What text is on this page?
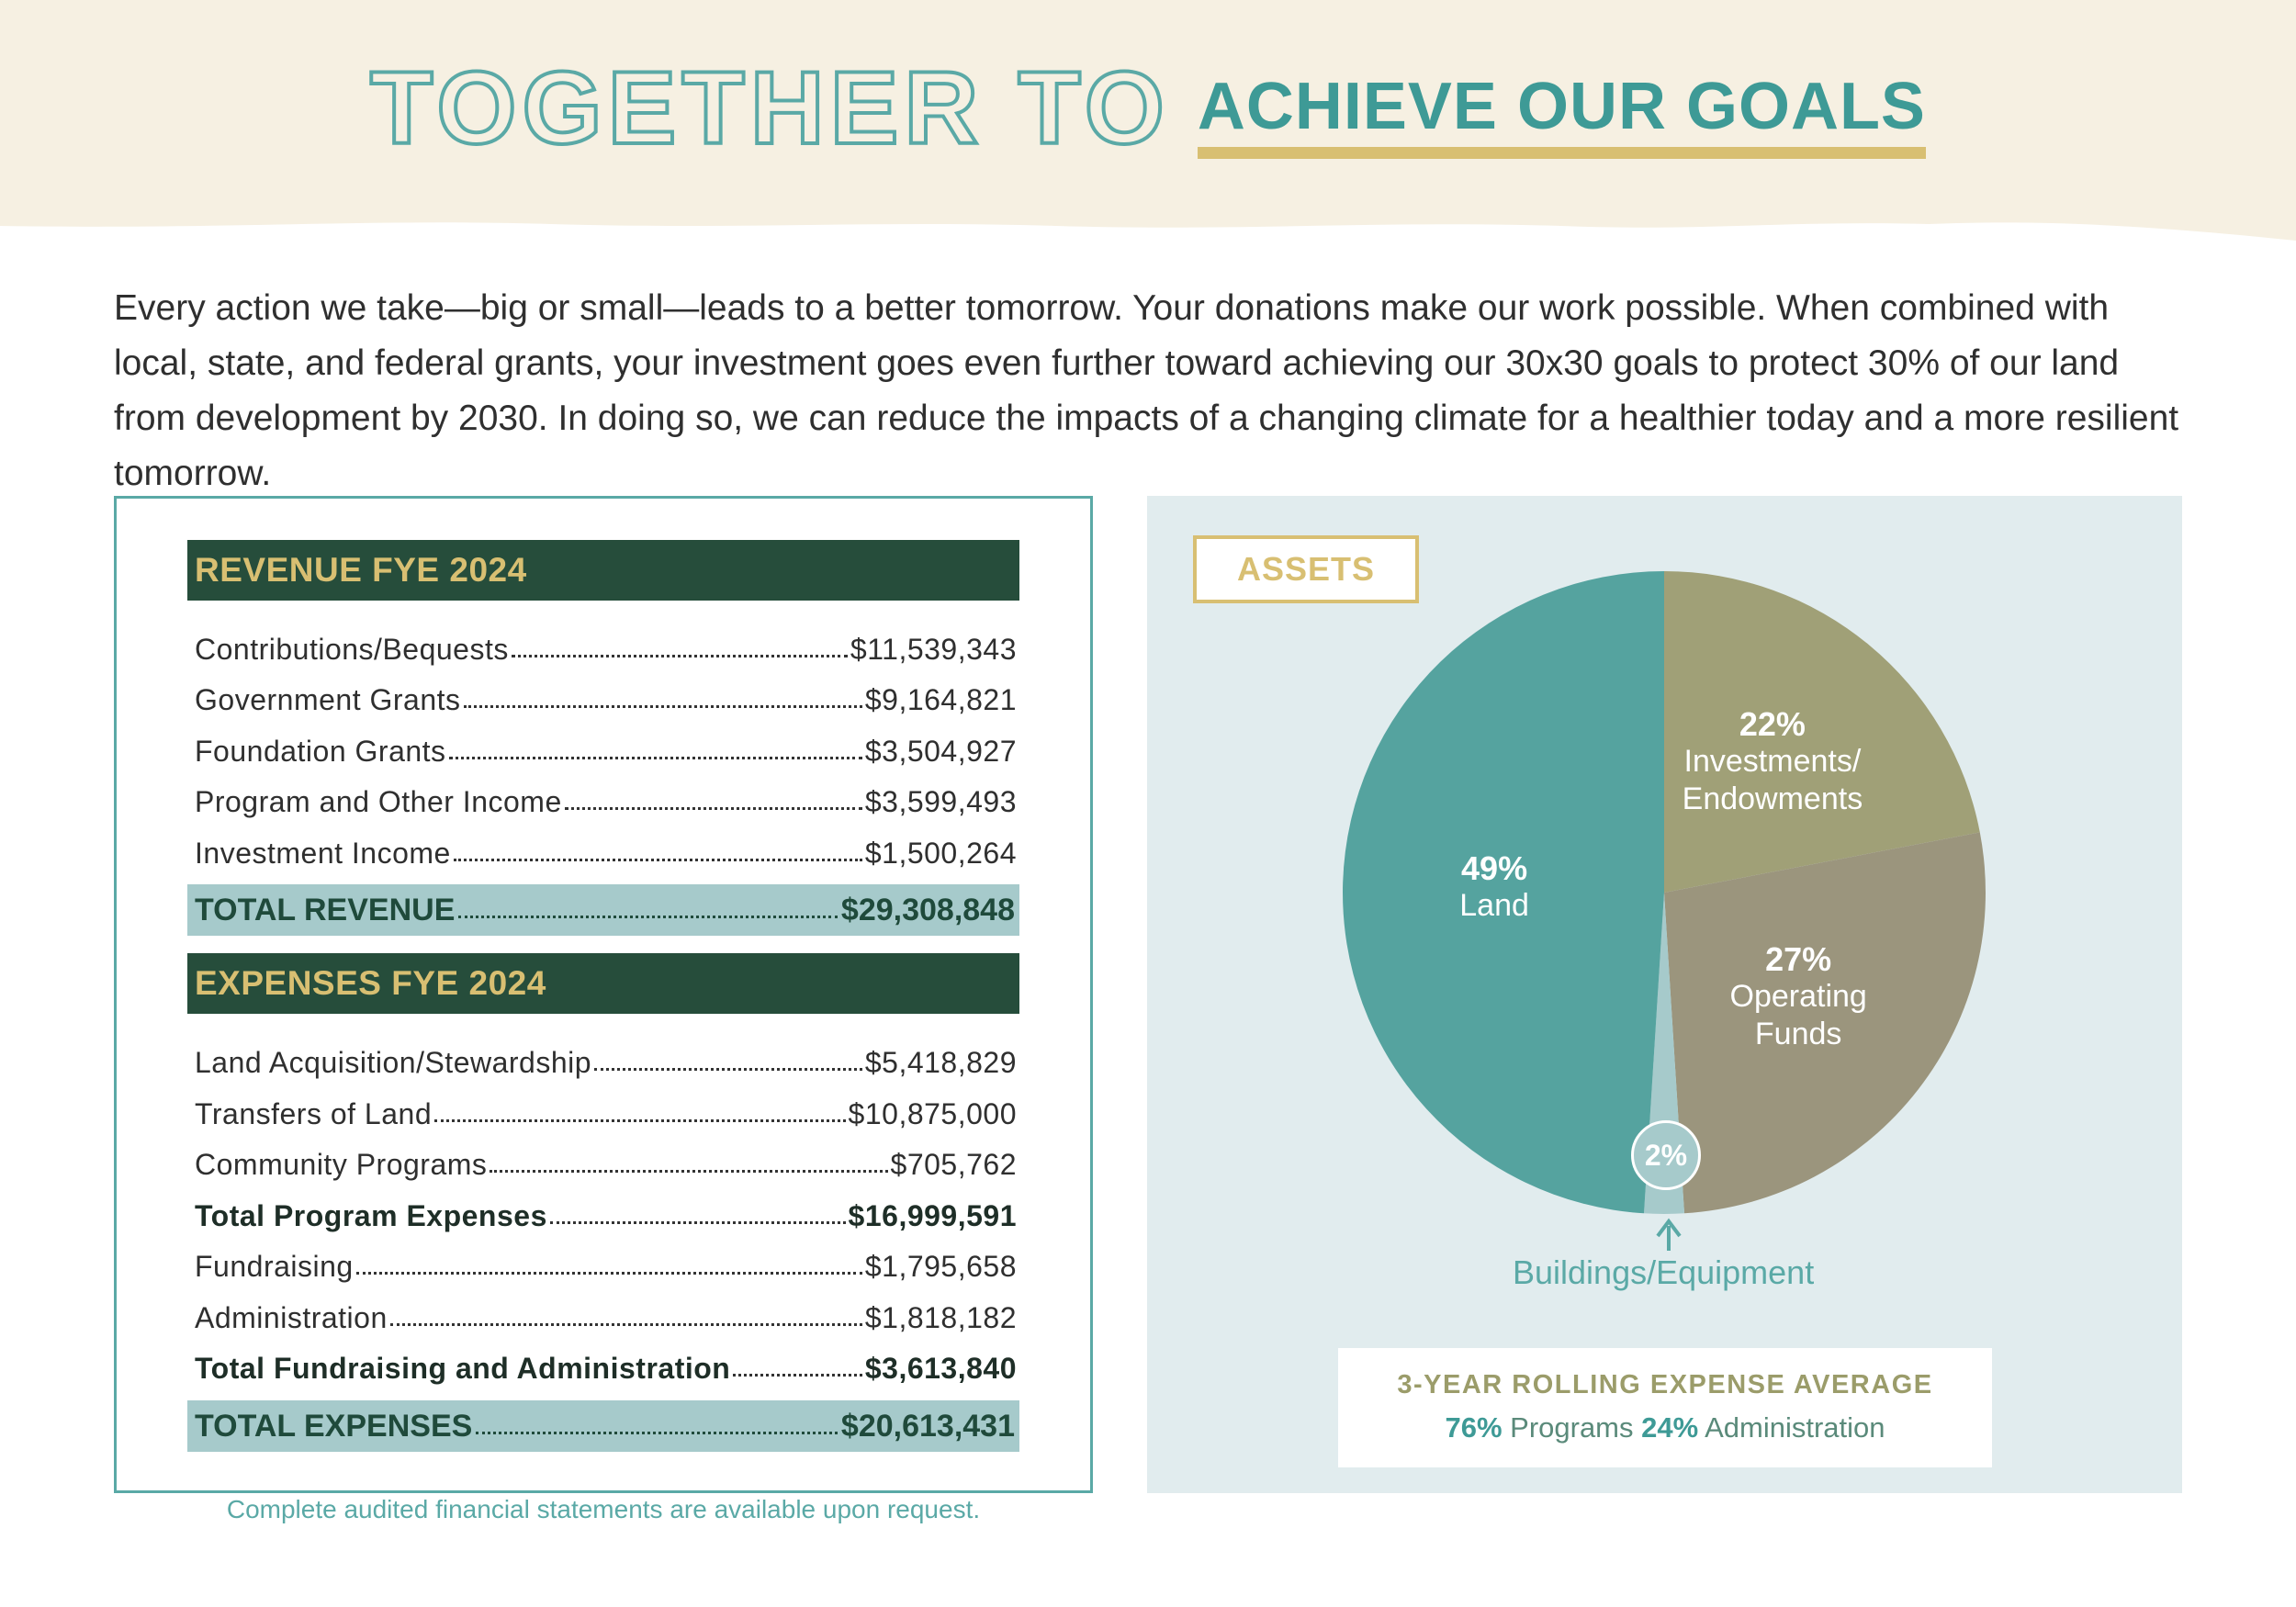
TOGETHER TO ACHIEVE OUR GOALS

Every action we take—big or small—leads to a better tomorrow. Your donations make our work possible. When combined with local, state, and federal grants, your investment goes even further toward achieving our 30x30 goals to protect 30% of our land from development by 2030. In doing so, we can reduce the impacts of a changing climate for a healthier today and a more resilient tomorrow.

REVENUE FYE 2024
Contributions/Bequests	$11,539,343
Government Grants	$9,164,821
Foundation Grants	$3,504,927
Program and Other Income	$3,599,493
Investment Income	$1,500,264
TOTAL REVENUE	$29,308,848
EXPENSES FYE 2024
Land Acquisition/Stewardship	$5,418,829
Transfers of Land	$10,875,000
Community Programs	$705,762
Total Program Expenses	$16,999,591
Fundraising	$1,795,658
Administration	$1,818,182
Total Fundraising and Administration	$3,613,840
TOTAL EXPENSES	$20,613,431
Complete audited financial statements are available upon request.
ASSETS
2%
Buildings/Equipment
3-YEAR ROLLING EXPENSE AVERAGE
76% Programs 24% Administration
22%
Investments/
Endowments
27%
Operating
Funds
49%
Land
